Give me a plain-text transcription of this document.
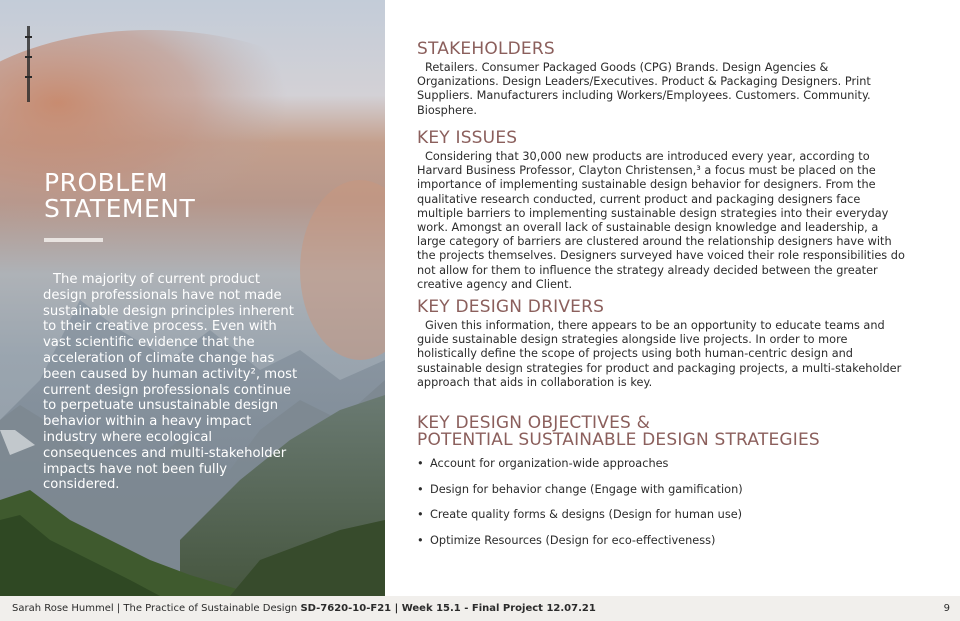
PROBLEM
STATEMENT
The majority of current product design professionals have not made sustainable design principles inherent to their creative process. Even with vast scientific evidence that the acceleration of climate change has been caused by human activity², most current design professionals continue to perpetuate unsustainable design behavior within a heavy impact industry where ecological consequences and multi-stakeholder impacts have not been fully considered.
STAKEHOLDERS
Retailers. Consumer Packaged Goods (CPG) Brands. Design Agencies & Organizations. Design Leaders/Executives. Product & Packaging Designers. Print Suppliers. Manufacturers including Workers/Employees. Customers. Community. Biosphere.
KEY ISSUES
Considering that 30,000 new products are introduced every year, according to Harvard Business Professor, Clayton Christensen,³ a focus must be placed on the importance of implementing sustainable design behavior for designers. From the qualitative research conducted, current product and packaging designers face multiple barriers to implementing sustainable design strategies into their everyday work. Amongst an overall lack of sustainable design knowledge and leadership, a large category of barriers are clustered around the relationship designers have with the projects themselves. Designers surveyed have voiced their role responsibilities do not allow for them to influence the strategy already decided between the greater creative agency and Client.
KEY DESIGN DRIVERS
Given this information, there appears to be an opportunity to educate teams and guide sustainable design strategies alongside live projects. In order to more holistically define the scope of projects using both human-centric design and sustainable design strategies for product and packaging projects, a multi-stakeholder approach that aids in collaboration is key.
KEY DESIGN OBJECTIVES &
POTENTIAL SUSTAINABLE DESIGN STRATEGIES
• Account for organization-wide approaches
• Design for behavior change (Engage with gamification)
• Create quality forms & designs (Design for human use)
• Optimize Resources (Design for eco-effectiveness)
Sarah Rose Hummel | The Practice of Sustainable Design SD-7620-10-F21 | Week 15.1 - Final Project 12.07.21	9
